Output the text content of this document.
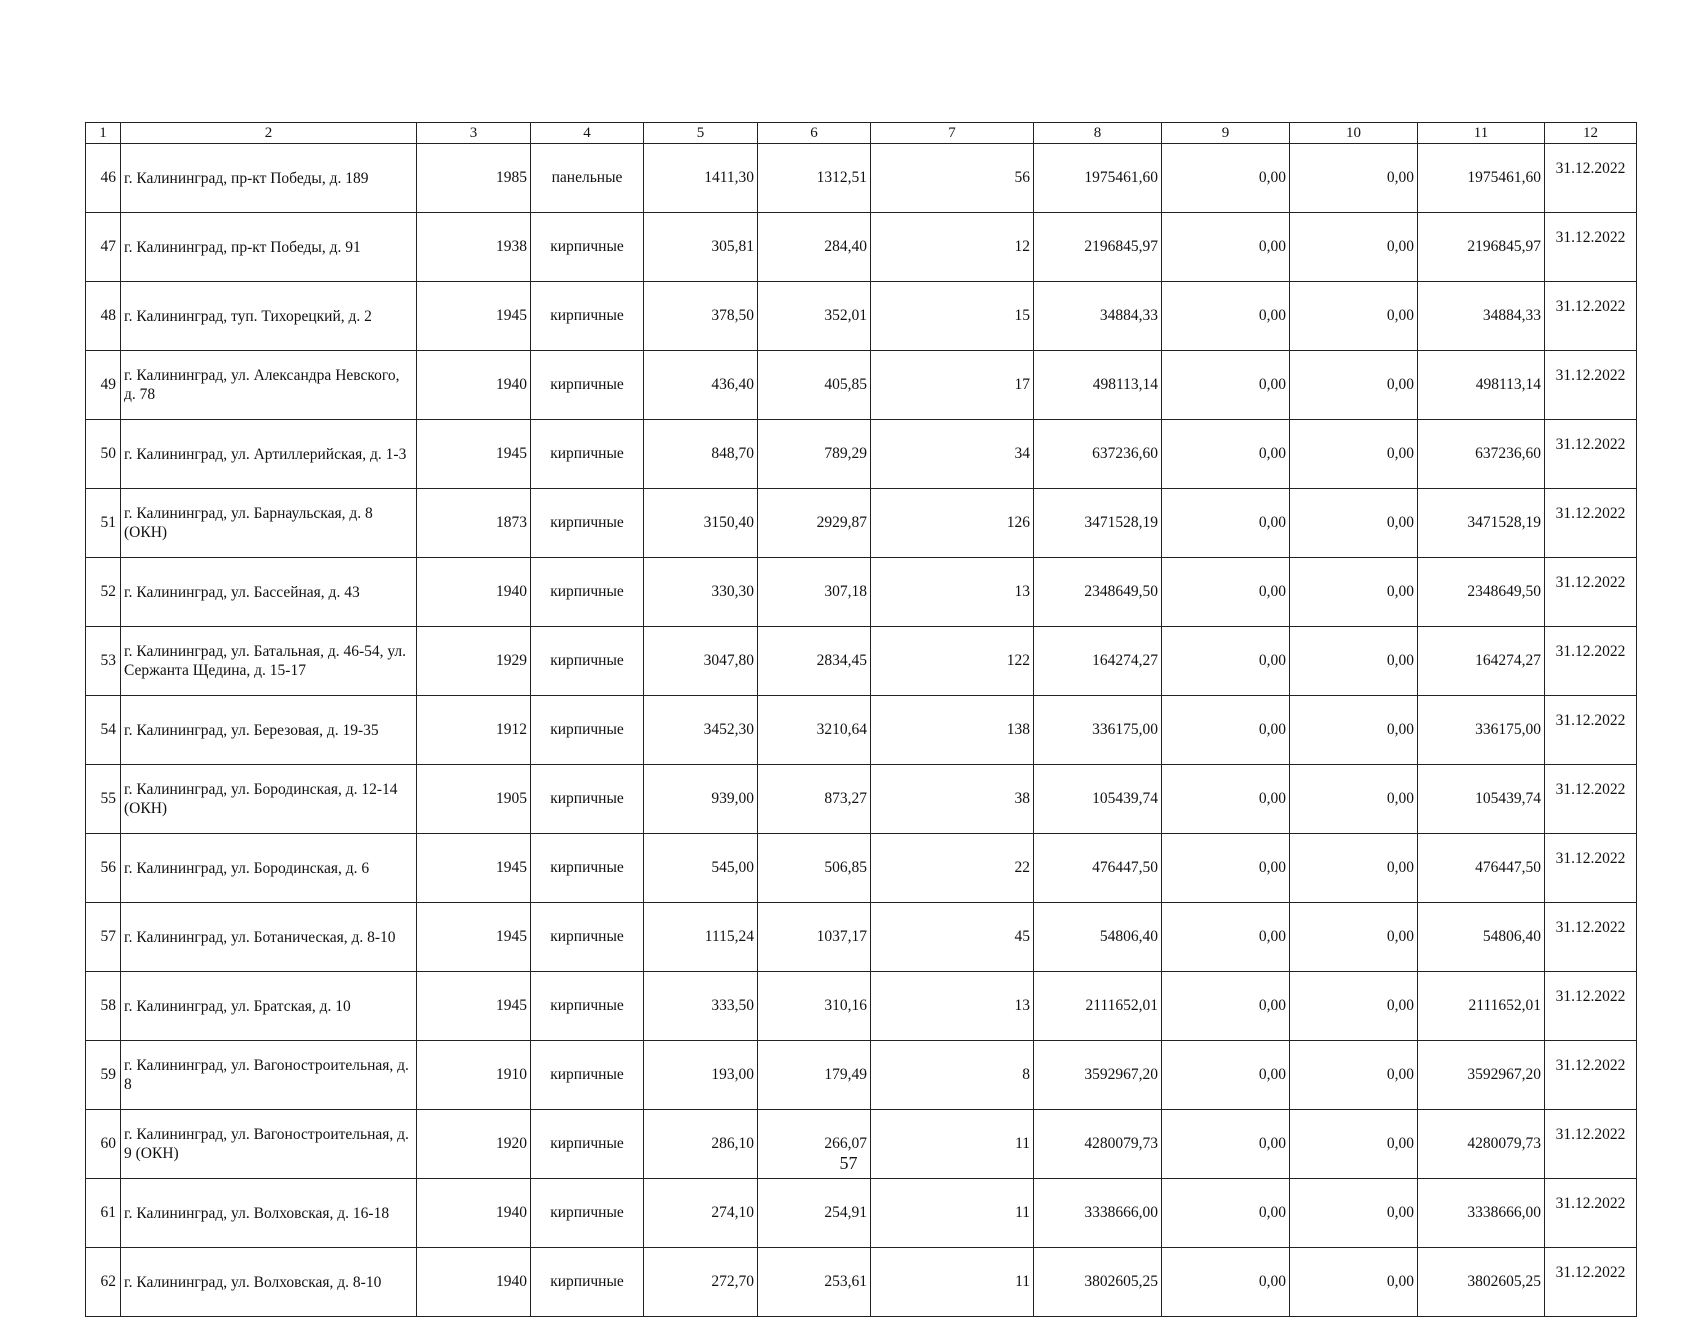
1	2	3	4	5	6	7	8	9	10	11	12
46	г. Калининград, пр-кт Победы, д. 189	1985	панельные	1411,30	1312,51	56	1975461,60	0,00	0,00	1975461,60	31.12.2022
47	г. Калининград, пр-кт Победы, д. 91	1938	кирпичные	305,81	284,40	12	2196845,97	0,00	0,00	2196845,97	31.12.2022
48	г. Калининград, туп. Тихорецкий, д. 2	1945	кирпичные	378,50	352,01	15	34884,33	0,00	0,00	34884,33	31.12.2022
49	г. Калининград, ул. Александра Невского, д. 78	1940	кирпичные	436,40	405,85	17	498113,14	0,00	0,00	498113,14	31.12.2022
50	г. Калининград, ул. Артиллерийская, д. 1-3	1945	кирпичные	848,70	789,29	34	637236,60	0,00	0,00	637236,60	31.12.2022
51	г. Калининград, ул. Барнаульская, д. 8 (ОКН)	1873	кирпичные	3150,40	2929,87	126	3471528,19	0,00	0,00	3471528,19	31.12.2022
52	г. Калининград, ул. Бассейная, д. 43	1940	кирпичные	330,30	307,18	13	2348649,50	0,00	0,00	2348649,50	31.12.2022
53	г. Калининград, ул. Батальная, д. 46-54, ул. Сержанта Щедина, д. 15-17	1929	кирпичные	3047,80	2834,45	122	164274,27	0,00	0,00	164274,27	31.12.2022
54	г. Калининград, ул. Березовая, д. 19-35	1912	кирпичные	3452,30	3210,64	138	336175,00	0,00	0,00	336175,00	31.12.2022
55	г. Калининград, ул. Бородинская, д. 12-14 (ОКН)	1905	кирпичные	939,00	873,27	38	105439,74	0,00	0,00	105439,74	31.12.2022
56	г. Калининград, ул. Бородинская, д. 6	1945	кирпичные	545,00	506,85	22	476447,50	0,00	0,00	476447,50	31.12.2022
57	г. Калининград, ул. Ботаническая, д. 8-10	1945	кирпичные	1115,24	1037,17	45	54806,40	0,00	0,00	54806,40	31.12.2022
58	г. Калининград, ул. Братская, д. 10	1945	кирпичные	333,50	310,16	13	2111652,01	0,00	0,00	2111652,01	31.12.2022
59	г. Калининград, ул. Вагоностроительная, д. 8	1910	кирпичные	193,00	179,49	8	3592967,20	0,00	0,00	3592967,20	31.12.2022
60	г. Калининград, ул. Вагоностроительная, д. 9 (ОКН)	1920	кирпичные	286,10	266,07	11	4280079,73	0,00	0,00	4280079,73	31.12.2022
61	г. Калининград, ул. Волховская, д. 16-18	1940	кирпичные	274,10	254,91	11	3338666,00	0,00	0,00	3338666,00	31.12.2022
62	г. Калининград, ул. Волховская, д. 8-10	1940	кирпичные	272,70	253,61	11	3802605,25	0,00	0,00	3802605,25	31.12.2022
57
